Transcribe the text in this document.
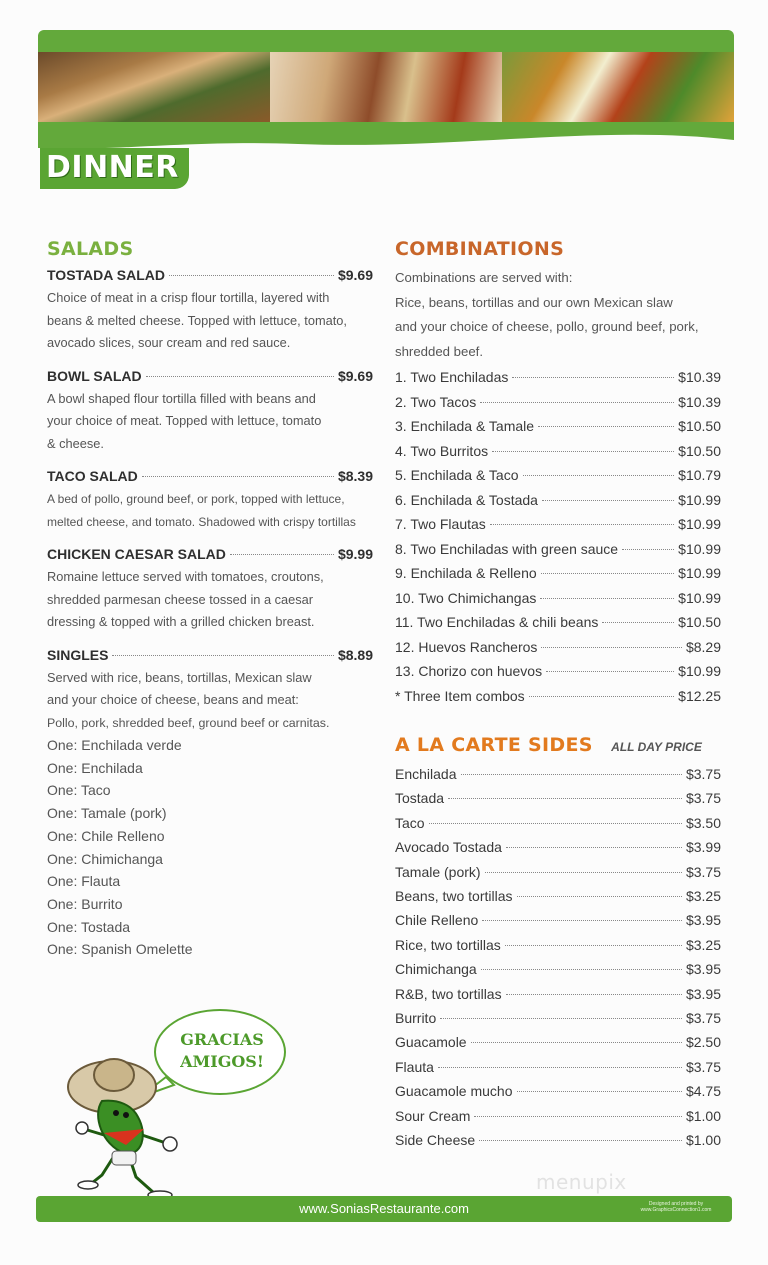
DINNER
SALADS
TOSTADA SALAD	$9.69
Choice of meat in a crisp flour tortilla, layered with
beans & melted cheese. Topped with lettuce, tomato,
avocado slices, sour cream and red sauce.
BOWL SALAD	$9.69
A bowl shaped flour tortilla filled with beans and
your choice of meat. Topped with lettuce, tomato
& cheese.
TACO SALAD	$8.39
A bed of pollo, ground beef, or pork, topped with lettuce,
melted cheese, and tomato. Shadowed with crispy tortillas
CHICKEN CAESAR SALAD	$9.99
Romaine lettuce served with tomatoes, croutons,
shredded parmesan cheese tossed in a caesar
dressing & topped with a grilled chicken breast.
SINGLES	$8.89
Served with rice, beans, tortillas, Mexican slaw
and your choice of cheese, beans and meat:
Pollo, pork, shredded beef, ground beef or carnitas.
One: Enchilada verde
One: Enchilada
One: Taco
One: Tamale (pork)
One: Chile Relleno
One: Chimichanga
One: Flauta
One: Burrito
One: Tostada
One: Spanish Omelette
COMBINATIONS
Combinations are served with:
Rice, beans, tortillas and our own Mexican slaw
and your choice of cheese, pollo, ground beef, pork,
shredded beef.
1. Two Enchiladas	$10.39
2. Two Tacos	$10.39
3. Enchilada & Tamale	$10.50
4. Two Burritos	$10.50
5. Enchilada & Taco	$10.79
6. Enchilada & Tostada	$10.99
7. Two Flautas	$10.99
8. Two Enchiladas with green sauce	$10.99
9. Enchilada & Relleno	$10.99
10. Two Chimichangas	$10.99
11. Two Enchiladas & chili beans	$10.50
12. Huevos Rancheros	$8.29
13. Chorizo con huevos	$10.99
* Three Item combos	$12.25
A LA CARTE SIDES ALL DAY PRICE
Enchilada	$3.75
Tostada	$3.75
Taco	$3.50
Avocado Tostada	$3.99
Tamale (pork)	$3.75
Beans, two tortillas	$3.25
Chile Relleno	$3.95
Rice, two tortillas	$3.25
Chimichanga	$3.95
R&B, two tortillas	$3.95
Burrito	$3.75
Guacamole	$2.50
Flauta	$3.75
Guacamole mucho	$4.75
Sour Cream	$1.00
Side Cheese	$1.00
GRACIAS
AMIGOS!
menupix
www.SoniasRestaurante.com	Designed and printed by www.GraphicsConnection1.com
